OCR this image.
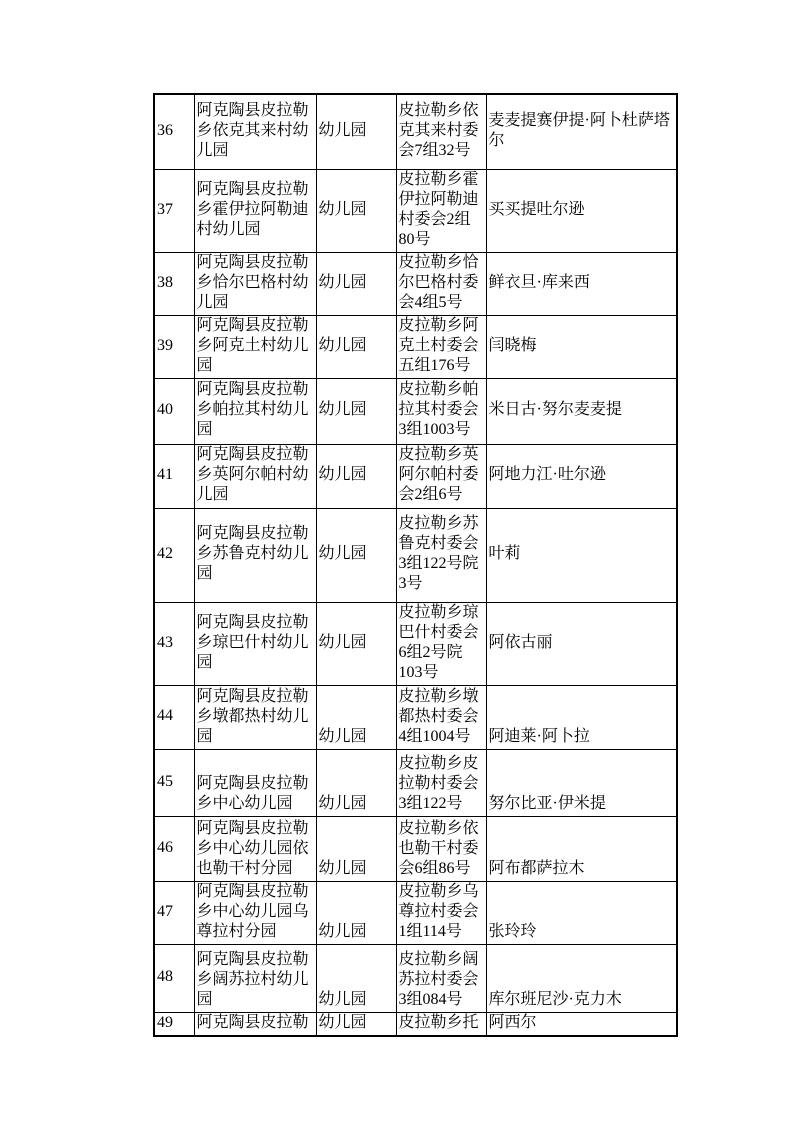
36	阿克陶县皮拉勒乡依克其来村幼儿园	幼儿园	皮拉勒乡依克其来村委会7组32号	麦麦提赛伊提·阿卜杜萨塔尔
37	阿克陶县皮拉勒乡霍伊拉阿勒迪村幼儿园	幼儿园	皮拉勒乡霍伊拉阿勒迪村委会2组80号	买买提吐尔逊
38	阿克陶县皮拉勒乡恰尔巴格村幼儿园	幼儿园	皮拉勒乡恰尔巴格村委会4组5号	鲜衣旦·库来西
39	阿克陶县皮拉勒乡阿克土村幼儿园	幼儿园	皮拉勒乡阿克土村委会五组176号	闫晓梅
40	阿克陶县皮拉勒乡帕拉其村幼儿园	幼儿园	皮拉勒乡帕拉其村委会3组1003号	米日古·努尔麦麦提
41	阿克陶县皮拉勒乡英阿尔帕村幼儿园	幼儿园	皮拉勒乡英阿尔帕村委会2组6号	阿地力江·吐尔逊
42	阿克陶县皮拉勒乡苏鲁克村幼儿园	幼儿园	皮拉勒乡苏鲁克村委会3组122号院3号	叶莉
43	阿克陶县皮拉勒乡琼巴什村幼儿园	幼儿园	皮拉勒乡琼巴什村委会6组2号院103号	阿依古丽
44	阿克陶县皮拉勒乡墩都热村幼儿园	幼儿园	皮拉勒乡墩都热村委会4组1004号	阿迪莱·阿卜拉
45	阿克陶县皮拉勒乡中心幼儿园	幼儿园	皮拉勒乡皮拉勒村委会3组122号	努尔比亚·伊米提
46	阿克陶县皮拉勒乡中心幼儿园依也勒干村分园	幼儿园	皮拉勒乡依也勒干村委会6组86号	阿布都萨拉木
47	阿克陶县皮拉勒乡中心幼儿园乌尊拉村分园	幼儿园	皮拉勒乡乌尊拉村委会1组114号	张玲玲
48	阿克陶县皮拉勒乡阔苏拉村幼儿园	幼儿园	皮拉勒乡阔苏拉村委会3组084号	库尔班尼沙·克力木
49	阿克陶县皮拉勒	幼儿园	皮拉勒乡托	阿西尔
